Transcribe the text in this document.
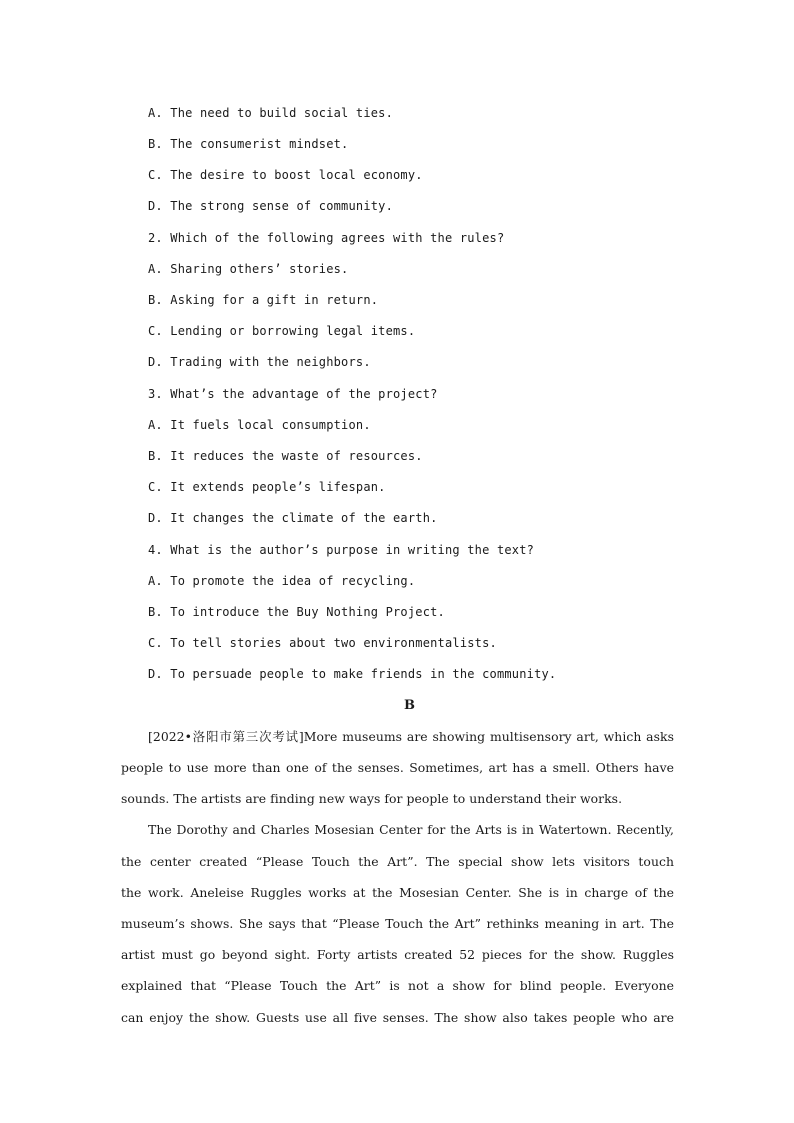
A. The need to build social ties.
B. The consumerist mindset.
C. The desire to boost local economy.
D. The strong sense of community.
2. Which of the following agrees with the rules?
A. Sharing others’ stories.
B. Asking for a gift in return.
C. Lending or borrowing legal items.
D. Trading with the neighbors.
3. What’s the advantage of the project?
A. It fuels local consumption.
B. It reduces the waste of resources.
C. It extends people’s lifespan.
D. It changes the climate of the earth.
4. What is the author’s purpose in writing the text?
A. To promote the idea of recycling.
B. To introduce the Buy Nothing Project.
C. To tell stories about two environmentalists.
D. To persuade people to make friends in the community.
B
[2022•洛阳市第三次考试]More museums are showing multisensory art, which asks
people to use more than one of the senses. Sometimes, art has a smell. Others have
sounds. The artists are finding new ways for people to understand their works.
The Dorothy and Charles Mosesian Center for the Arts is in Watertown. Recently,
the center created “Please Touch the Art”. The special show lets visitors touch
the work. Aneleise Ruggles works at the Mosesian Center. She is in charge of the
museum’s shows. She says that “Please Touch the Art” rethinks meaning in art. The
artist must go beyond sight. Forty artists created 52 pieces for the show. Ruggles
explained that “Please Touch the Art” is not a show for blind people. Everyone
can enjoy the show. Guests use all five senses. The show also takes people who are
